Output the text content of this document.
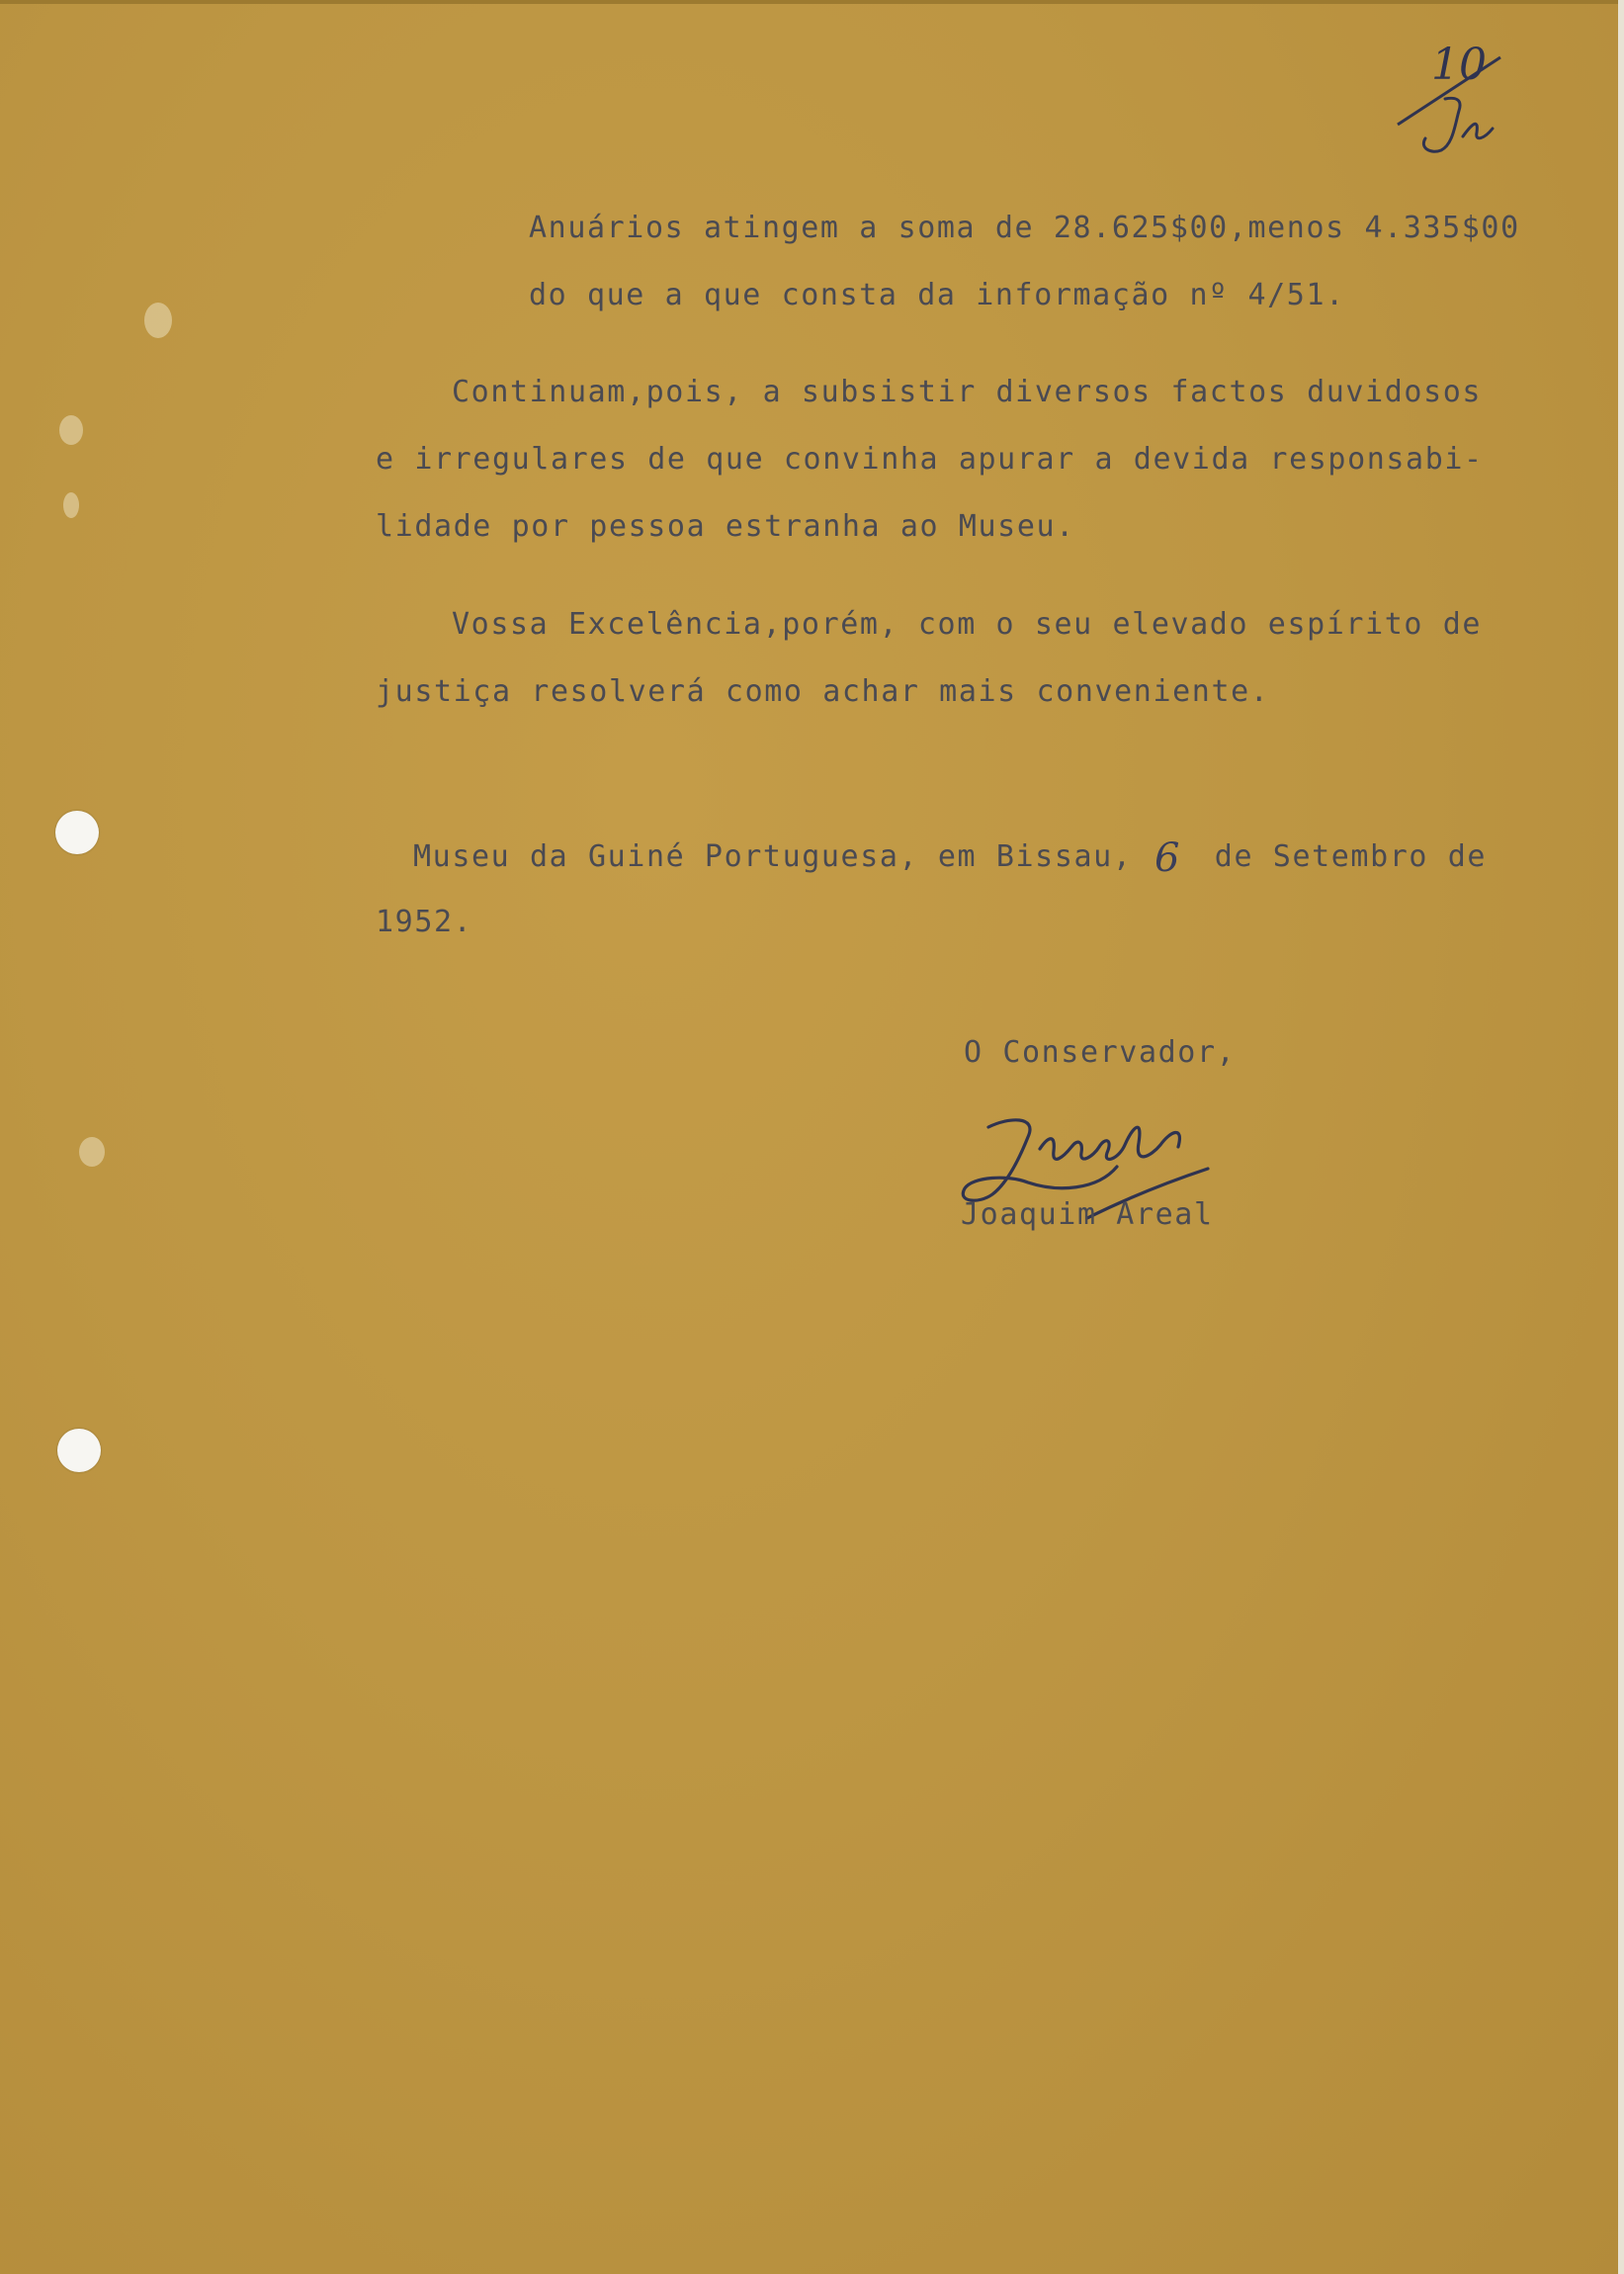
10

Anuários atingem a soma de 28.625$00,menos 4.335$00

do que a que consta da informação nº 4/51.

Continuam,pois, a subsistir diversos factos duvidosos

e irregulares de que convinha apurar a devida responsabi-

lidade por pessoa estranha ao Museu.

Vossa Excelência,porém, com o seu elevado espírito de

justiça resolverá como achar mais conveniente.

Museu da Guiné Portuguesa, em Bissau,  de Setembro de

6

1952.

O Conservador,

Joaquim Areal
